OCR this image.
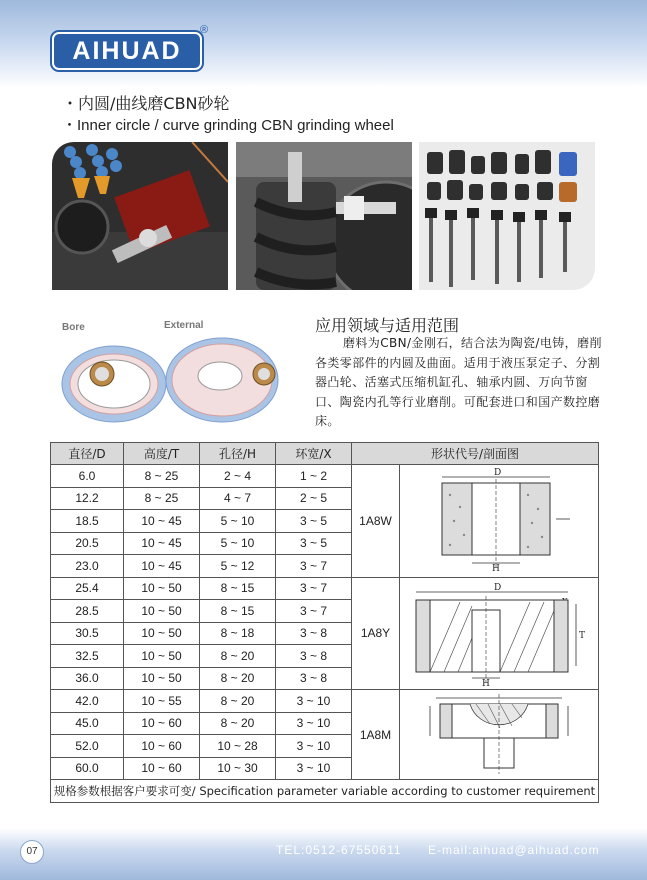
AIHUAD
®
・内圆/曲线磨CBN砂轮
・Inner circle / curve grinding CBN grinding wheel
Bore	External	应用领域与适用范围
磨料为CBN/金刚石，结合法为陶瓷/电铸，磨削各类零部件的内圆及曲面。适用于液压泵定子、分割器凸轮、活塞式压缩机缸孔、轴承内圆、万向节窗口、陶瓷内孔等行业磨削。可配套进口和国产数控磨床。
直径/D	高度/T	孔径/H	环宽/X	形状代号/剖面图	
6.0	8 ~ 25	2 ~ 4	1 ~ 2	1A8W	D
H

12.2	8 ~ 25	4 ~ 7	2 ~ 5		
18.5	10 ~ 45	5 ~ 10	3 ~ 5		
20.5	10 ~ 45	5 ~ 10	3 ~ 5		
23.0	10 ~ 45	5 ~ 12	3 ~ 7		
25.4	10 ~ 50	8 ~ 15	3 ~ 7	1A8Y	D
T
H

28.5	10 ~ 50	8 ~ 15	3 ~ 7		
30.5	10 ~ 50	8 ~ 18	3 ~ 8		
32.5	10 ~ 50	8 ~ 20	3 ~ 8		
36.0	10 ~ 50	8 ~ 20	3 ~ 8		
42.0	10 ~ 55	8 ~ 20	3 ~ 10	1A8M	
45.0	10 ~ 60	8 ~ 20	3 ~ 10		
52.0	10 ~ 60	10 ~ 28	3 ~ 10		
60.0	10 ~ 60	10 ~ 30	3 ~ 10		
规格参数根据客户要求可变/ Specification parameter variable according to customer requirement					
07	TEL:0512-67550611 E-mail:aihuad@aihuad.com
